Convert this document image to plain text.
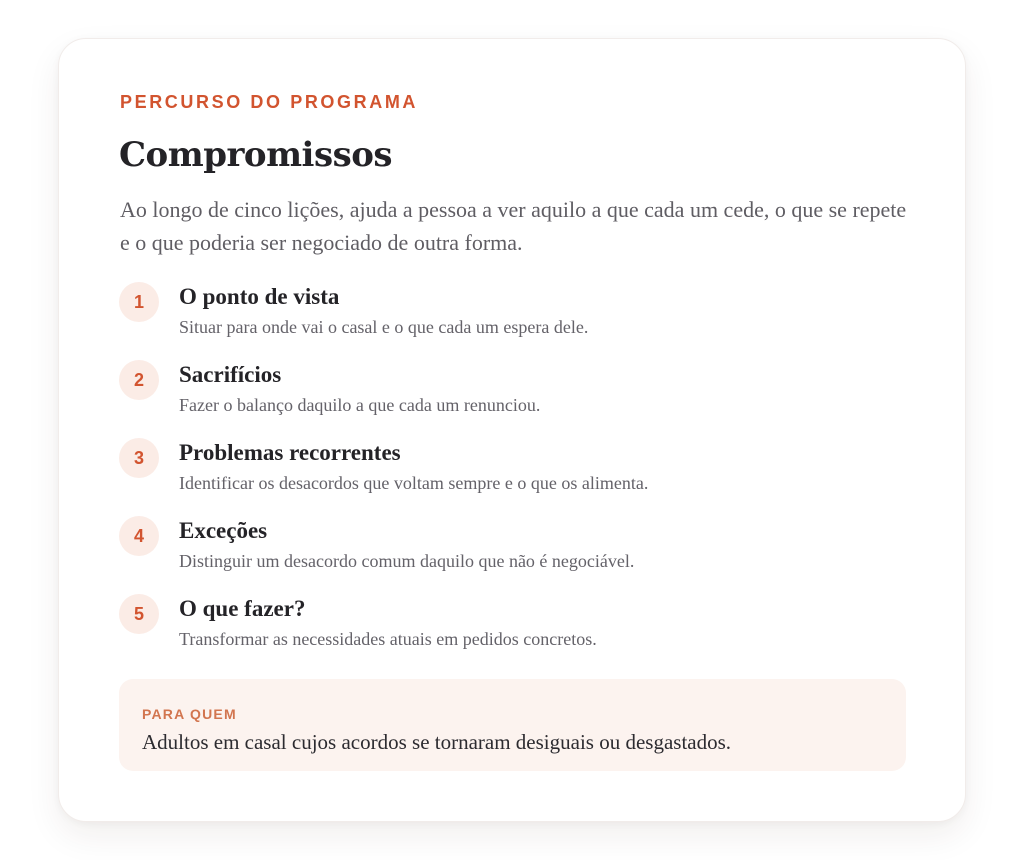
PERCURSO DO PROGRAMA
Compromissos

Ao longo de cinco lições, ajuda a pessoa a ver aquilo a que cada um cede, o que se repete e o que poderia ser negociado de outra forma.

1	O ponto de vista
Situar para onde vai o casal e o que cada um espera dele.
2	Sacrifícios
Fazer o balanço daquilo a que cada um renunciou.
3	Problemas recorrentes
Identificar os desacordos que voltam sempre e o que os alimenta.
4	Exceções
Distinguir um desacordo comum daquilo que não é negociável.
5	O que fazer?
Transformar as necessidades atuais em pedidos concretos.
PARA QUEM
Adultos em casal cujos acordos se tornaram desiguais ou desgastados.
